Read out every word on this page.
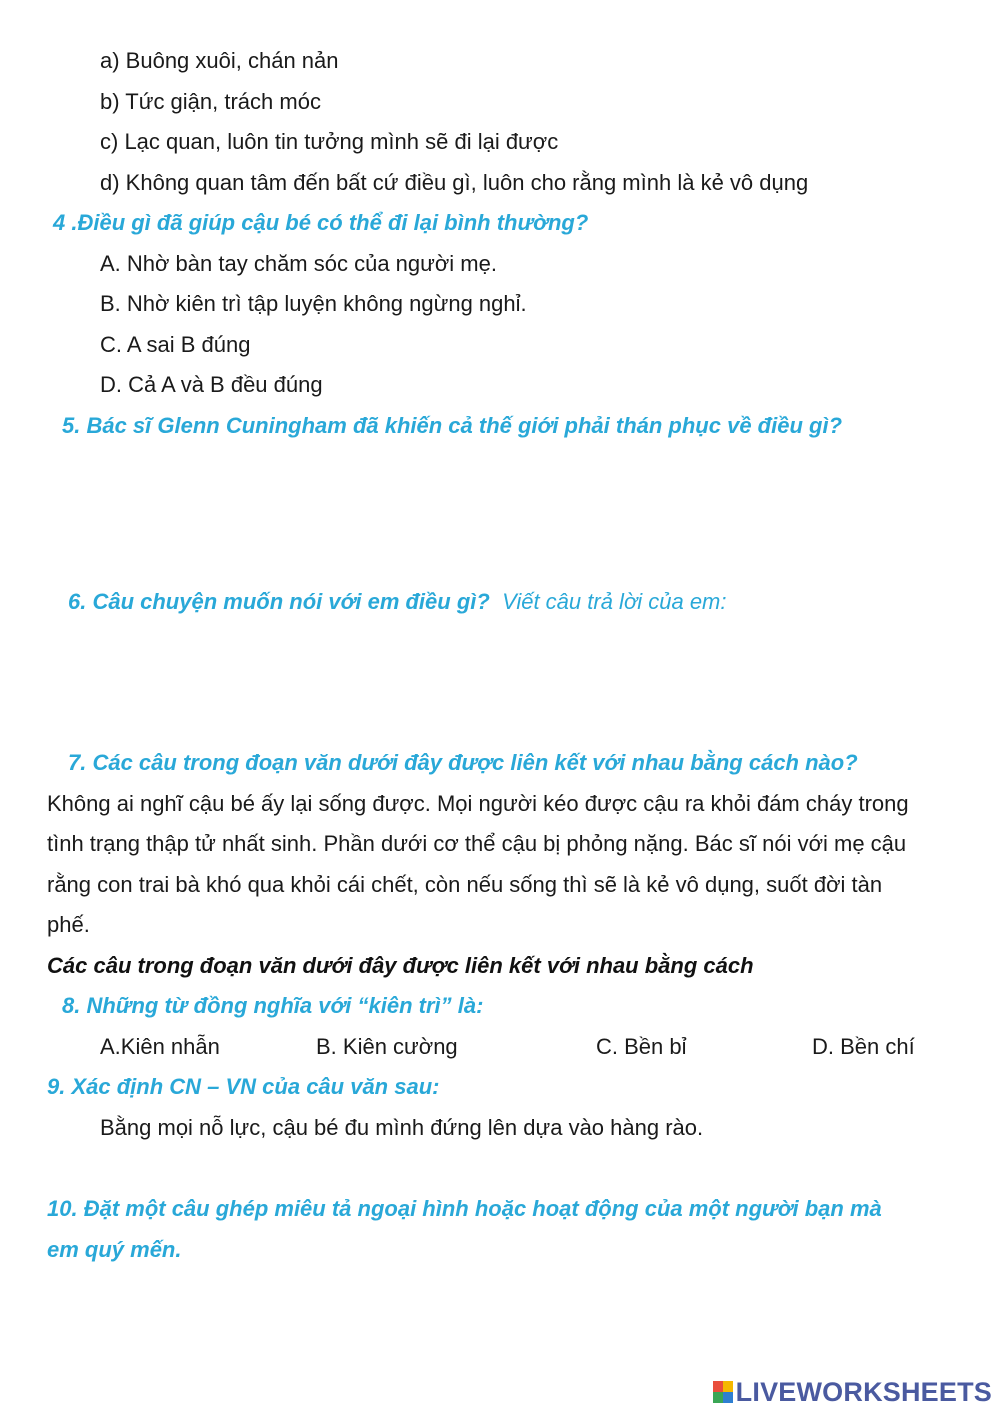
a) Buông xuôi, chán nản
b) Tức giận, trách móc
c) Lạc quan, luôn tin tưởng mình sẽ đi lại được
d) Không quan tâm đến bất cứ điều gì, luôn cho rằng mình là kẻ vô dụng
4 .Điều gì đã giúp cậu bé có thể đi lại bình thường?
A. Nhờ bàn tay chăm sóc của người mẹ.
B. Nhờ kiên trì tập luyện không ngừng nghỉ.
C. A sai B đúng
D. Cả A và B đều đúng
5. Bác sĩ Glenn Cuningham đã khiến cả thế giới phải thán phục về điều gì?
6. Câu chuyện muốn nói với em điều gì? Viết câu trả lời của em:
7. Các câu trong đoạn văn dưới đây được liên kết với nhau bằng cách nào?
Không ai nghĩ cậu bé ấy lại sống được. Mọi người kéo được cậu ra khỏi đám cháy trong
tình trạng thập tử nhất sinh. Phần dưới cơ thể cậu bị phỏng nặng. Bác sĩ nói với mẹ cậu
rằng con trai bà khó qua khỏi cái chết, còn nếu sống thì sẽ là kẻ vô dụng, suốt đời tàn
phế.
Các câu trong đoạn văn dưới đây được liên kết với nhau bằng cách
8. Những từ đồng nghĩa với “kiên trì” là:
A.Kiên nhẫn	B. Kiên cường	C. Bền bỉ	D. Bền chí
9. Xác định CN – VN của câu văn sau:
Bằng mọi nỗ lực, cậu bé đu mình đứng lên dựa vào hàng rào.
10. Đặt một câu ghép miêu tả ngoại hình hoặc hoạt động của một người bạn mà
em quý mến.
LIVEWORKSHEETS
